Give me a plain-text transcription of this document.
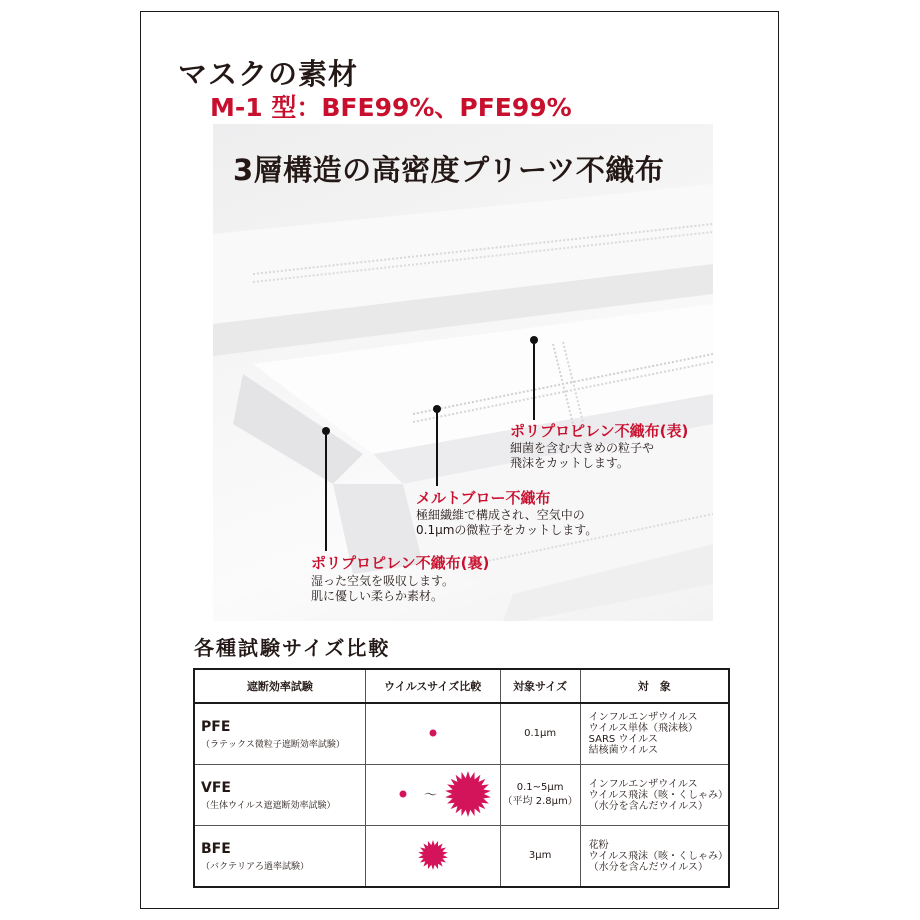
マスクの素材
M-1 型：BFE99%、PFE99%
3層構造の高密度プリーツ不織布
ポリプロピレン不織布(表)
細菌を含む大きめの粒子や
飛沫をカットします。
メルトブロー不織布
極細繊維で構成され、空気中の
0.1μmの微粒子をカットします。
ポリプロピレン不織布(裏)
湿った空気を吸収します。
肌に優しい柔らか素材。
各種試験サイズ比較
遮断効率試験	ウイルスサイズ比較	対象サイズ	対　象

PFE
（ラテックス微粒子遮断効率試験）		0.1μm	インフルエンザウイルス
ウイルス単体（飛沫核）
SARS ウイルス
結核菌ウイルス

VFE
（生体ウイルス遮遮断効率試験）	～	0.1~5μm
（平均 2.8μm）	インフルエンザウイルス
ウイルス飛沫（咳・くしゃみ）
（水分を含んだウイルス）

BFE
（バクテリアろ過率試験）		3μm	花粉
ウイルス飛沫（咳・くしゃみ）
（水分を含んだウイルス）
